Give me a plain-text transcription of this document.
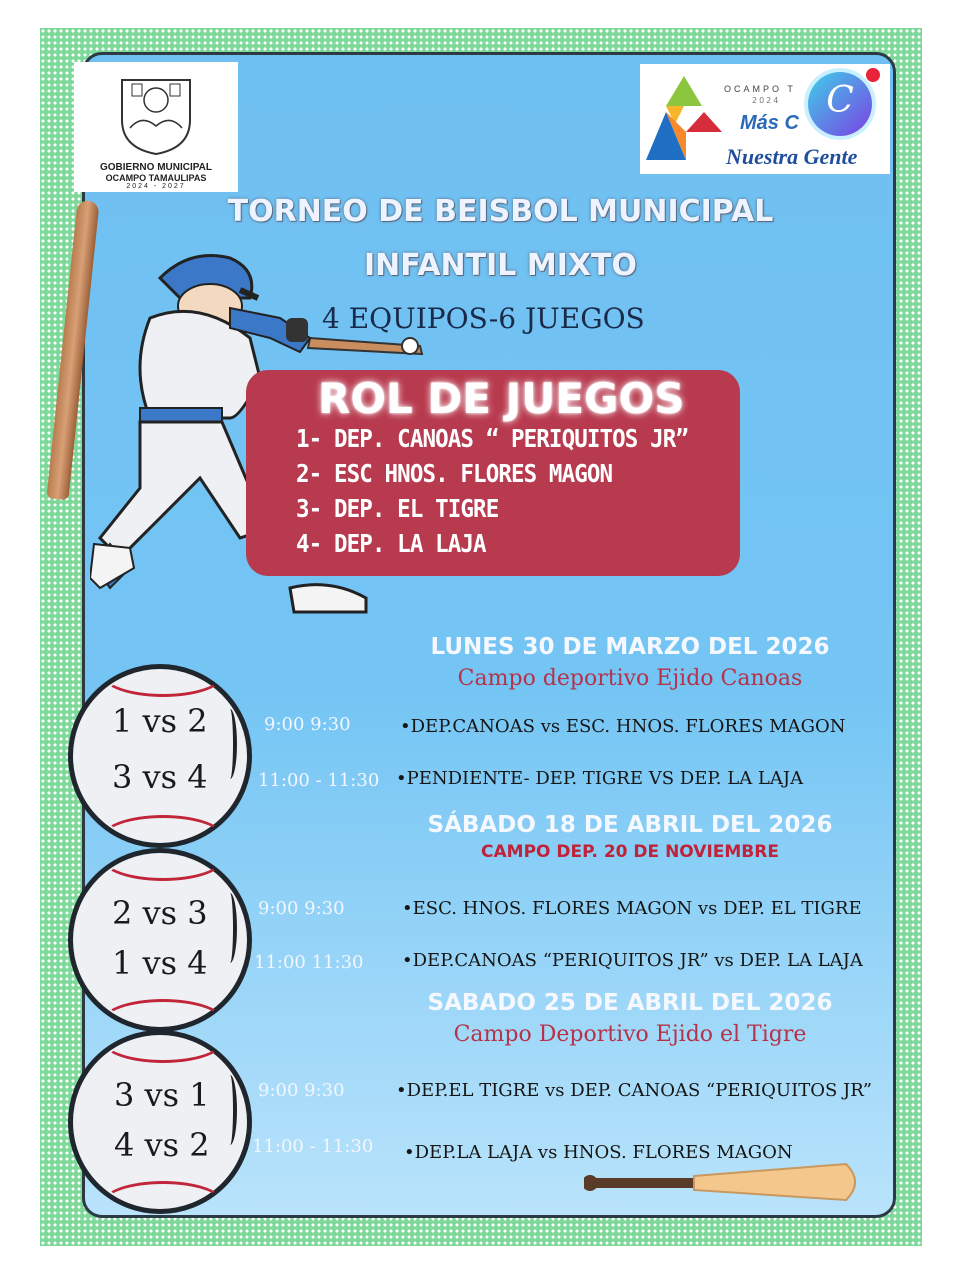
GOBIERNO MUNICIPAL
OCAMPO TAMAULIPAS
2024 - 2027
OCAMPO T
2024
Más C
Nuestra Gente
C
TORNEO DE BEISBOL MUNICIPAL
INFANTIL MIXTO
4 EQUIPOS-6 JUEGOS
ROL DE JUEGOS
1- DEP. CANOAS “ PERIQUITOS JR”
2- ESC HNOS. FLORES MAGON
3- DEP. EL TIGRE
4- DEP. LA LAJA
LUNES 30 DE MARZO DEL 2026
Campo deportivo Ejido Canoas
1 vs 2
3 vs 4
9:00 9:30
11:00 - 11:30
•DEP.CANOAS vs ESC. HNOS. FLORES MAGON
•PENDIENTE- DEP. TIGRE VS DEP. LA LAJA
SÁBADO 18 DE ABRIL DEL 2026
CAMPO DEP. 20 DE NOVIEMBRE
2 vs 3
1 vs 4
9:00 9:30
11:00 11:30
•ESC. HNOS. FLORES MAGON vs DEP. EL TIGRE
•DEP.CANOAS “PERIQUITOS JR” vs DEP. LA LAJA
SABADO 25 DE ABRIL DEL 2026
Campo Deportivo Ejido el Tigre
3 vs 1
4 vs 2
9:00 9:30
11:00 - 11:30
•DEP.EL TIGRE vs DEP. CANOAS “PERIQUITOS JR”
•DEP.LA LAJA vs HNOS. FLORES MAGON
